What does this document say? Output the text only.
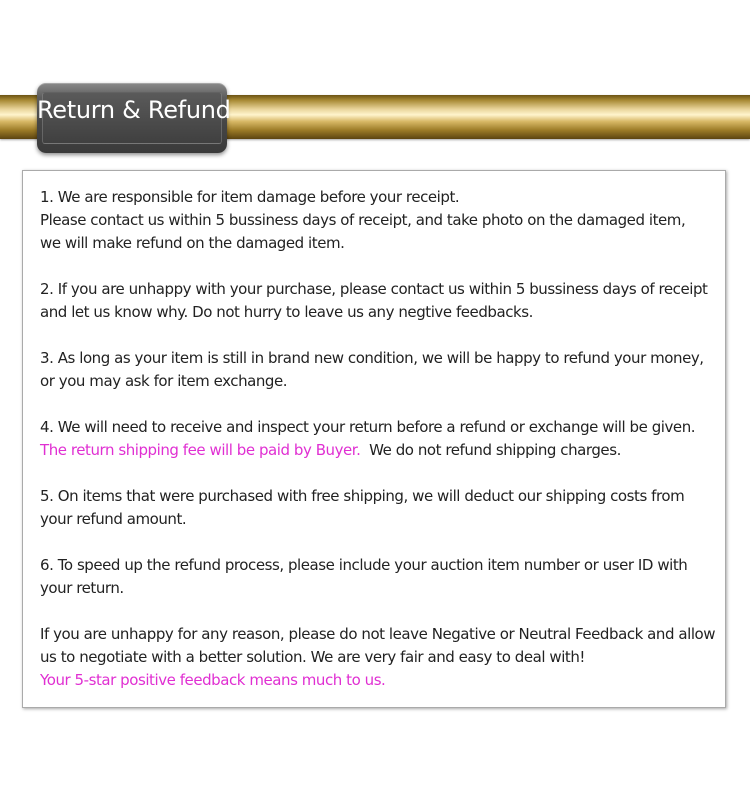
Return & Refund

1. We are responsible for item damage before your receipt.
Please contact us within 5 bussiness days of receipt, and take photo on the damaged item,
we will make refund on the damaged item.

2. If you are unhappy with your purchase, please contact us within 5 bussiness days of receipt
and let us know why. Do not hurry to leave us any negtive feedbacks.

3. As long as your item is still in brand new condition, we will be happy to refund your money,
or you may ask for item exchange.

4. We will need to receive and inspect your return before a refund or exchange will be given.
The return shipping fee will be paid by Buyer.  We do not refund shipping charges.

5. On items that were purchased with free shipping, we will deduct our shipping costs from
your refund amount.

6. To speed up the refund process, please include your auction item number or user ID with
your return.

If you are unhappy for any reason, please do not leave Negative or Neutral Feedback and allow
us to negotiate with a better solution. We are very fair and easy to deal with!
Your 5-star positive feedback means much to us.
